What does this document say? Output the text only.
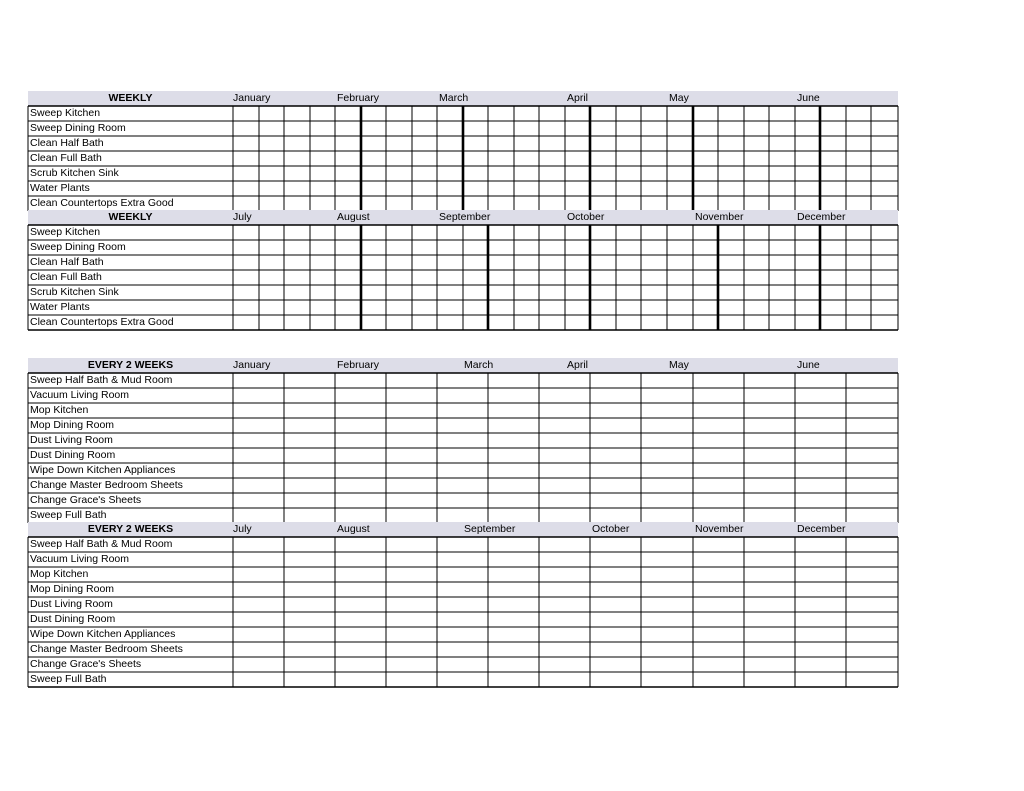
WEEKLY	January	February	March	April	May	June
Sweep Kitchen
Sweep Dining Room
Clean Half Bath
Clean Full Bath
Scrub Kitchen Sink
Water Plants
Clean Countertops Extra Good
WEEKLY	July	August	September	October	November	December
Sweep Kitchen
Sweep Dining Room
Clean Half Bath
Clean Full Bath
Scrub Kitchen Sink
Water Plants
Clean Countertops Extra Good
EVERY 2 WEEKS	January	February	March	April	May	June
Sweep Half Bath & Mud Room
Vacuum Living Room
Mop Kitchen
Mop Dining Room
Dust Living Room
Dust Dining Room
Wipe Down Kitchen Appliances
Change Master Bedroom Sheets
Change Grace's Sheets
Sweep Full Bath
EVERY 2 WEEKS	July	August	September	October	November	December
Sweep Half Bath & Mud Room
Vacuum Living Room
Mop Kitchen
Mop Dining Room
Dust Living Room
Dust Dining Room
Wipe Down Kitchen Appliances
Change Master Bedroom Sheets
Change Grace's Sheets
Sweep Full Bath
